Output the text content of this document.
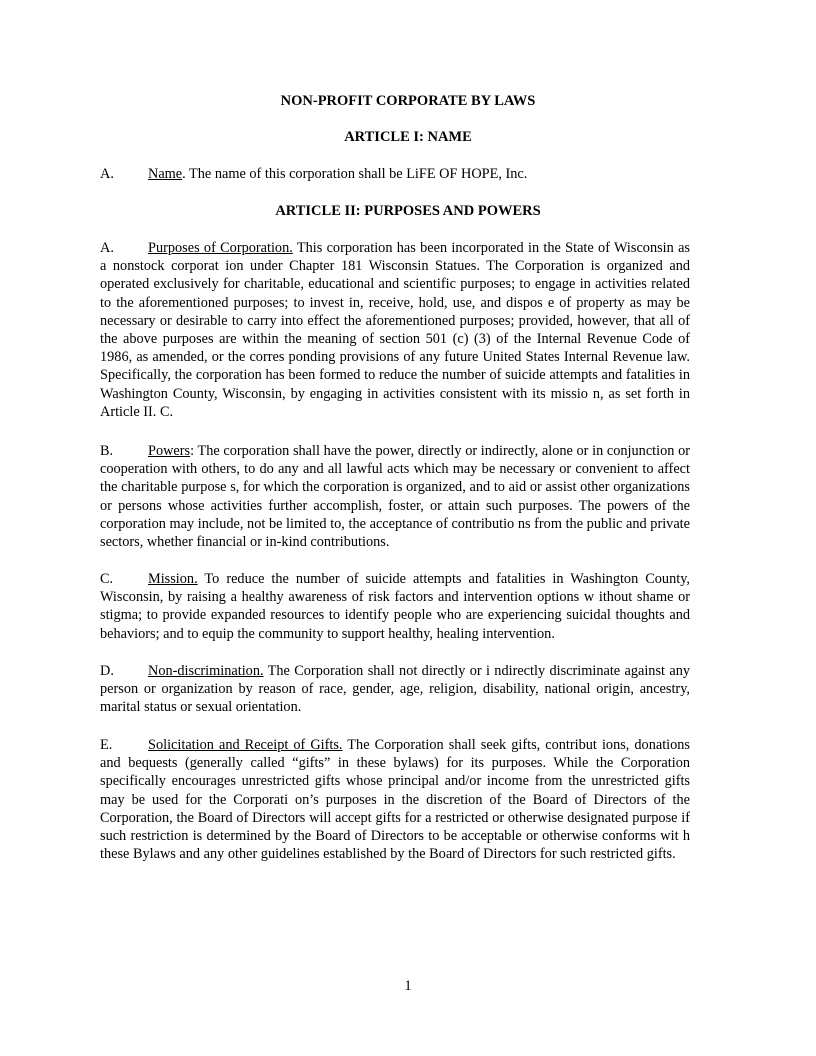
NON-PROFIT CORPORATE BY LAWS
ARTICLE I: NAME
A. Name. The name of this corporation shall be LiFE OF HOPE, Inc.
ARTICLE II: PURPOSES AND POWERS
A. Purposes of Corporation. This corporation has been incorporated in the State of Wisconsin as a nonstock corporat ion under Chapter 181 Wisconsin Statues. The Corporation is organized and operated exclusively for charitable, educational and scientific purposes; to engage in activities related to the aforementioned purposes; to invest in, receive, hold, use, and dispos e of property as may be necessary or desirable to carry into effect the aforementioned purposes; provided, however, that all of the above purposes are within the meaning of section 501 (c) (3) of the Internal Revenue Code of 1986, as amended, or the corres ponding provisions of any future United States Internal Revenue law. Specifically, the corporation has been formed to reduce the number of suicide attempts and fatalities in Washington County, Wisconsin, by engaging in activities consistent with its missio n, as set forth in Article II. C.
B. Powers: The corporation shall have the power, directly or indirectly, alone or in conjunction or cooperation with others, to do any and all lawful acts which may be necessary or convenient to affect the charitable purpose s, for which the corporation is organized, and to aid or assist other organizations or persons whose activities further accomplish, foster, or attain such purposes. The powers of the corporation may include, not be limited to, the acceptance of contributio ns from the public and private sectors, whether financial or in-kind contributions.
C. Mission. To reduce the number of suicide attempts and fatalities in Washington County, Wisconsin, by raising a healthy awareness of risk factors and intervention options w ithout shame or stigma; to provide expanded resources to identify people who are experiencing suicidal thoughts and behaviors; and to equip the community to support healthy, healing intervention.
D. Non-discrimination. The Corporation shall not directly or i ndirectly discriminate against any person or organization by reason of race, gender, age, religion, disability, national origin, ancestry, marital status or sexual orientation.
E. Solicitation and Receipt of Gifts. The Corporation shall seek gifts, contribut ions, donations and bequests (generally called “gifts” in these bylaws) for its purposes. While the Corporation specifically encourages unrestricted gifts whose principal and/or income from the unrestricted gifts may be used for the Corporati on’s purposes in the discretion of the Board of Directors of the Corporation, the Board of Directors will accept gifts for a restricted or otherwise designated purpose if such restriction is determined by the Board of Directors to be acceptable or otherwise conforms wit h these Bylaws and any other guidelines established by the Board of Directors for such restricted gifts.
1
